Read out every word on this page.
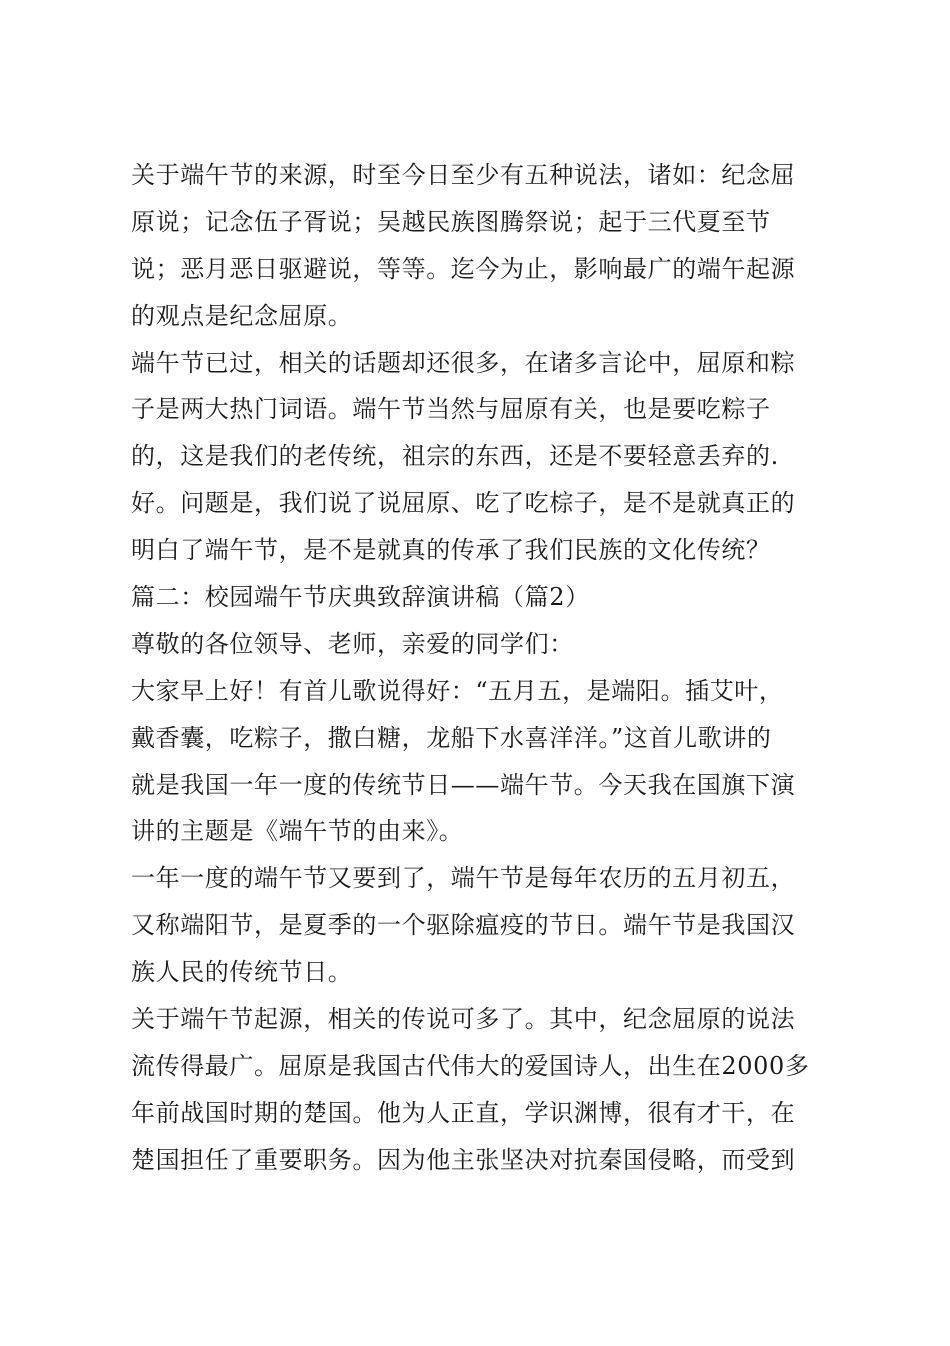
关于端午节的来源，时至今日至少有五种说法，诸如：纪念屈
原说；记念伍子胥说；吴越民族图腾祭说；起于三代夏至节
说；恶月恶日驱避说，等等。迄今为止，影响最广的端午起源
的观点是纪念屈原。

端午节已过，相关的话题却还很多，在诸多言论中，屈原和粽
子是两大热门词语。端午节当然与屈原有关，也是要吃粽子
的，这是我们的老传统，祖宗的东西，还是不要轻意丢弃的.
好。问题是，我们说了说屈原、吃了吃棕子，是不是就真正的
明白了端午节，是不是就真的传承了我们民族的文化传统？

篇二：校园端午节庆典致辞演讲稿（篇2）

尊敬的各位领导、老师，亲爱的同学们：

大家早上好！有首儿歌说得好：“五月五，是端阳。插艾叶，
戴香囊，吃粽子，撒白糖，龙船下水喜洋洋。”这首儿歌讲的
就是我国一年一度的传统节日——端午节。今天我在国旗下演
讲的主题是《端午节的由来》。

一年一度的端午节又要到了，端午节是每年农历的五月初五，
又称端阳节，是夏季的一个驱除瘟疫的节日。端午节是我国汉
族人民的传统节日。

关于端午节起源，相关的传说可多了。其中，纪念屈原的说法
流传得最广。屈原是我国古代伟大的爱国诗人，出生在2000多
年前战国时期的楚国。他为人正直，学识渊博，很有才干，在
楚国担任了重要职务。因为他主张坚决对抗秦国侵略，而受到
